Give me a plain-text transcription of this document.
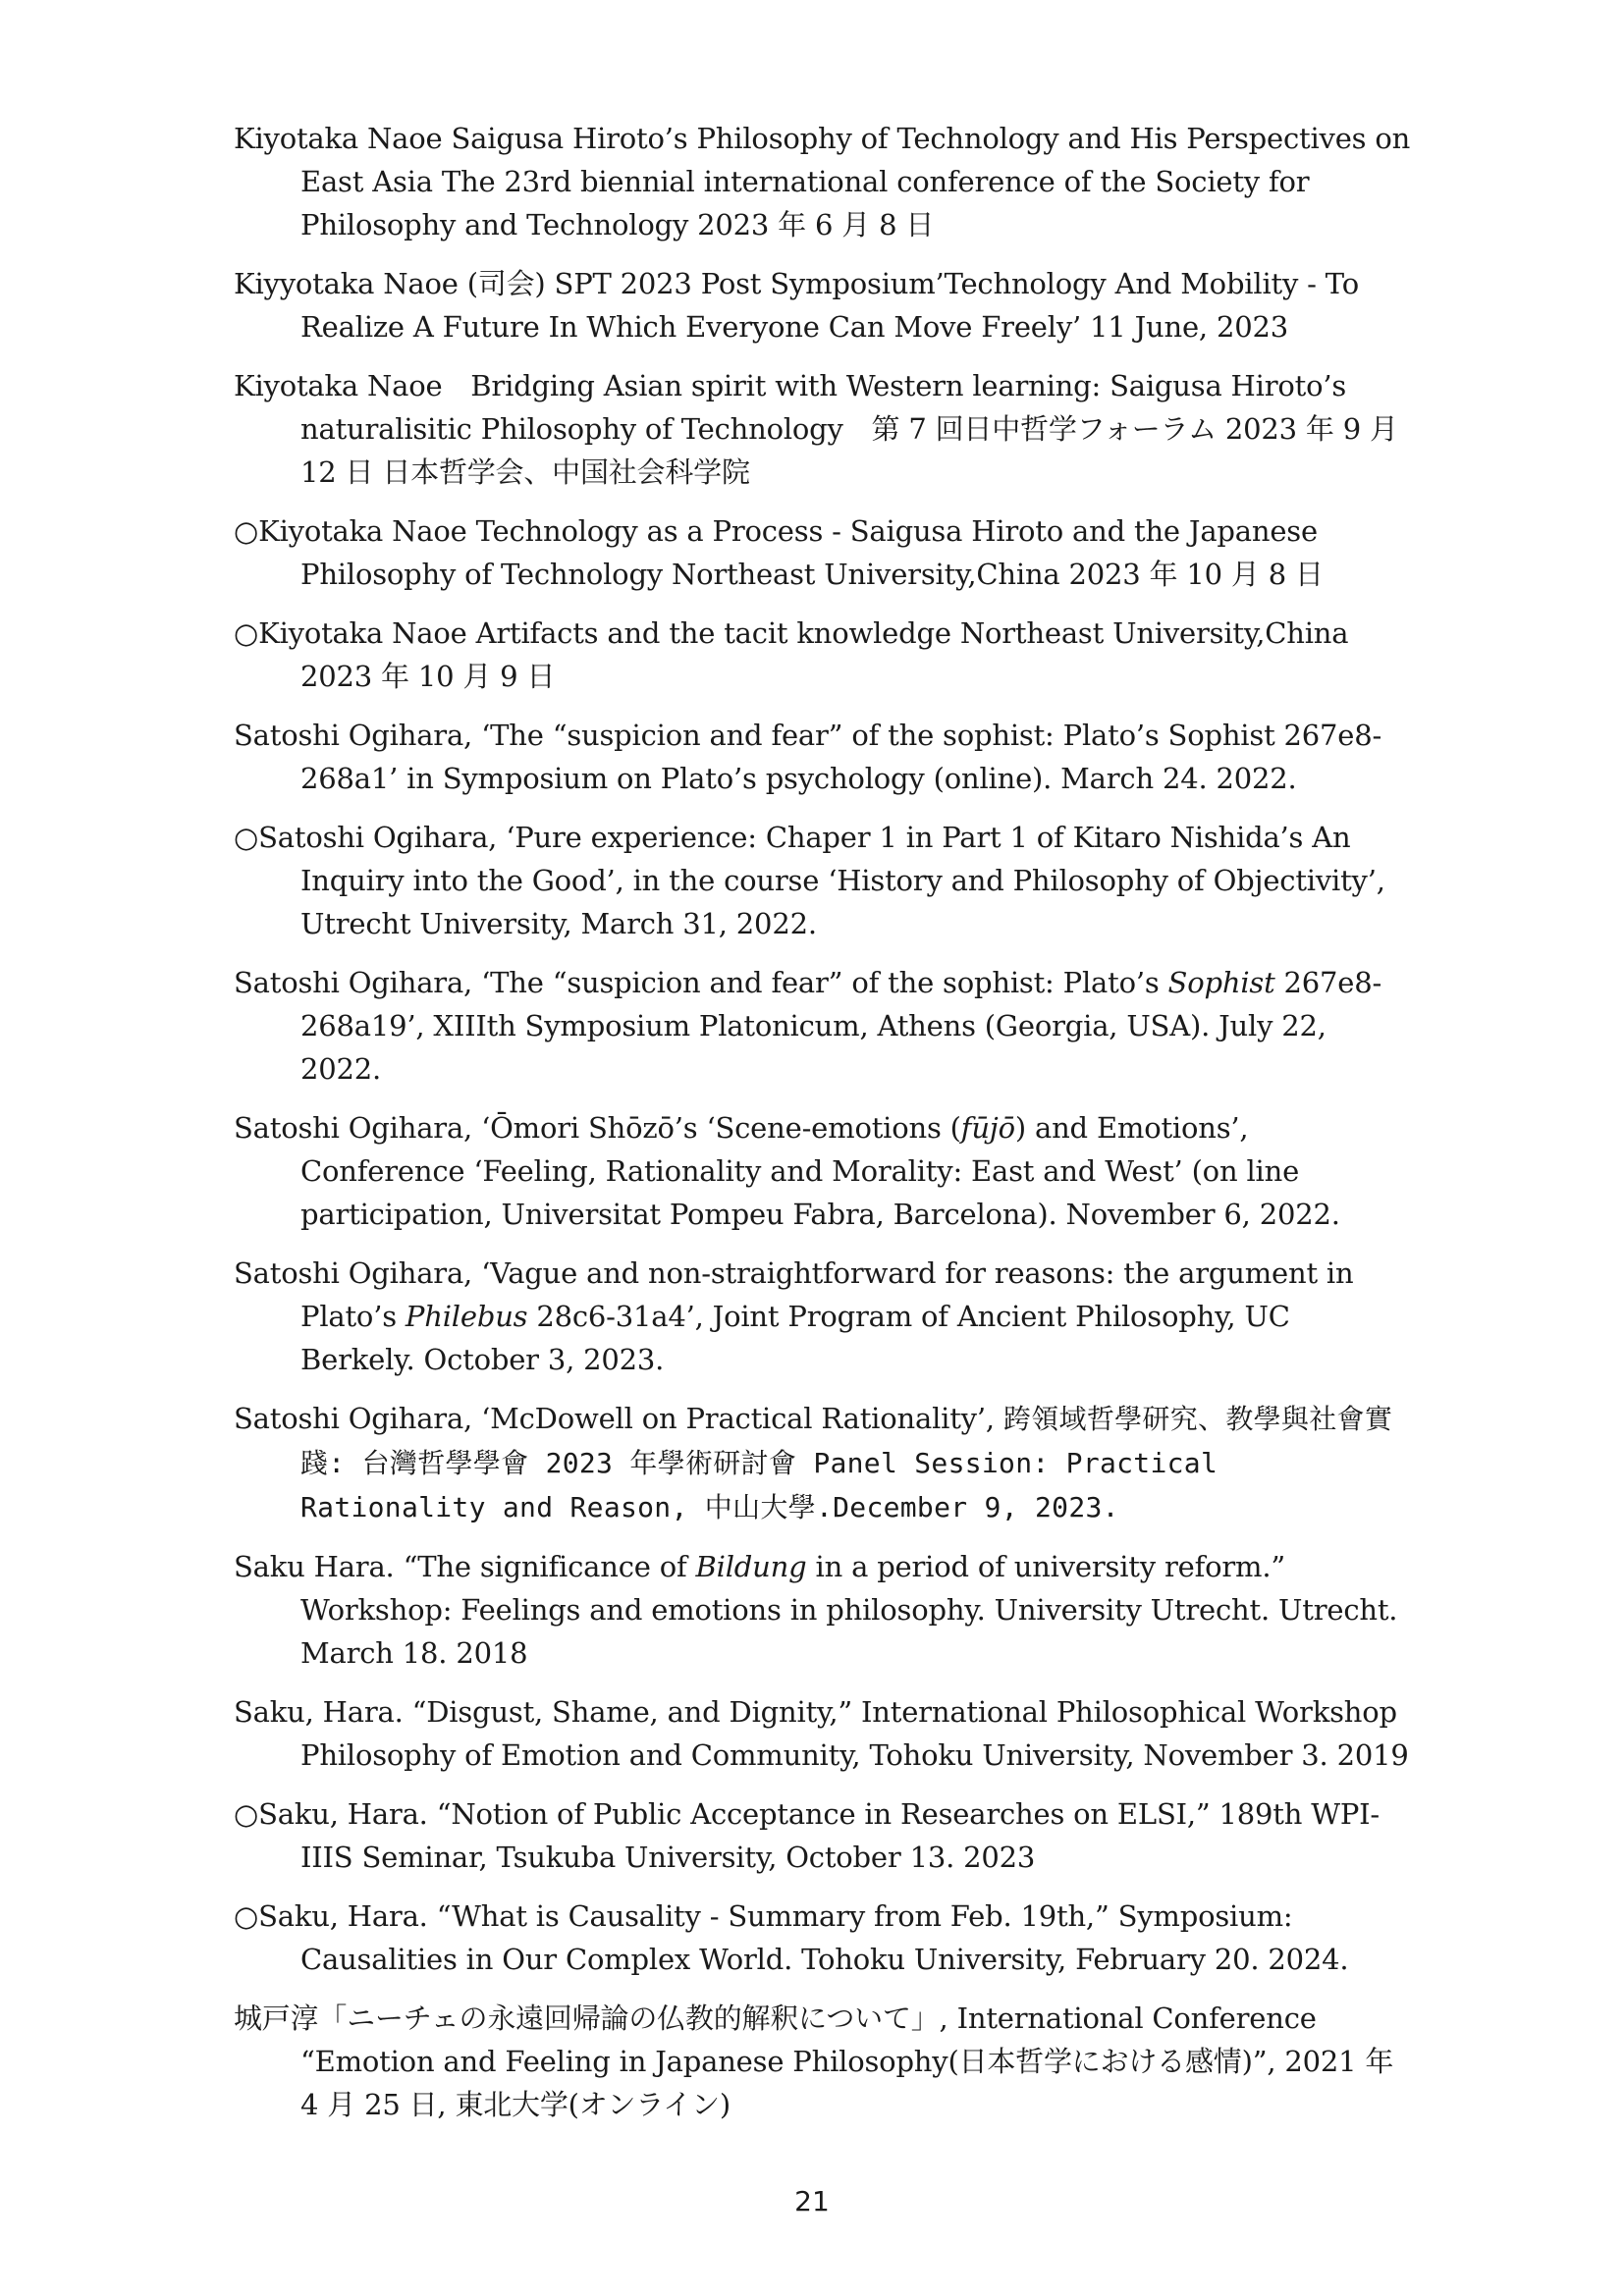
Kiyotaka Naoe Saigusa Hiroto’s Philosophy of Technology and His Perspectives on East Asia The 23rd biennial international conference of the Society for Philosophy and Technology 2023 年 6 月 8 日
Kiyyotaka Naoe (司会) SPT 2023 Post Symposium’Technology And Mobility - To Realize A Future In Which Everyone Can Move Freely’ 11 June, 2023
Kiyotaka Naoe　Bridging Asian spirit with Western learning: Saigusa Hiroto’s naturalisitic Philosophy of Technology　第 7 回日中哲学フォーラム 2023 年 9 月 12 日 日本哲学会、中国社会科学院
○Kiyotaka Naoe Technology as a Process - Saigusa Hiroto and the Japanese Philosophy of Technology Northeast University,China 2023 年 10 月 8 日
○Kiyotaka Naoe Artifacts and the tacit knowledge Northeast University,China 2023 年 10 月 9 日
Satoshi Ogihara, ‘The “suspicion and fear” of the sophist: Plato’s Sophist 267e8-268a1’ in Symposium on Plato’s psychology (online). March 24. 2022.
○Satoshi Ogihara, ‘Pure experience: Chaper 1 in Part 1 of Kitaro Nishida’s An Inquiry into the Good’, in the course ‘History and Philosophy of Objectivity’, Utrecht University, March 31, 2022.
Satoshi Ogihara, ‘The “suspicion and fear” of the sophist: Plato’s Sophist 267e8-268a19’, XIIIth Symposium Platonicum, Athens (Georgia, USA). July 22, 2022.
Satoshi Ogihara, ‘Ōmori Shōzō’s ‘Scene-emotions (fūjō) and Emotions’, Conference ‘Feeling, Rationality and Morality: East and West’ (on line participation, Universitat Pompeu Fabra, Barcelona). November 6, 2022.
Satoshi Ogihara, ‘Vague and non-straightforward for reasons: the argument in Plato’s Philebus 28c6-31a4’, Joint Program of Ancient Philosophy, UC Berkely. October 3, 2023.
Satoshi Ogihara, ‘McDowell on Practical Rationality’, 跨領域哲學研究、教學與社會實踐: 台灣哲學學會 2023 年學術研討會 Panel Session: Practical Rationality and Reason, 中山大學.December 9, 2023.
Saku Hara. “The significance of Bildung in a period of university reform.” Workshop: Feelings and emotions in philosophy. University Utrecht. Utrecht. March 18. 2018
Saku, Hara. “Disgust, Shame, and Dignity,” International Philosophical Workshop Philosophy of Emotion and Community, Tohoku University, November 3. 2019
○Saku, Hara. “Notion of Public Acceptance in Researches on ELSI,” 189th WPI-IIIS Seminar, Tsukuba University, October 13. 2023
○Saku, Hara. “What is Causality - Summary from Feb. 19th,” Symposium: Causalities in Our Complex World. Tohoku University, February 20. 2024.
城戸淳「ニーチェの永遠回帰論の仏教的解釈について」, International Conference “Emotion and Feeling in Japanese Philosophy(日本哲学における感情)”, 2021 年 4 月 25 日, 東北大学(オンライン)
21
